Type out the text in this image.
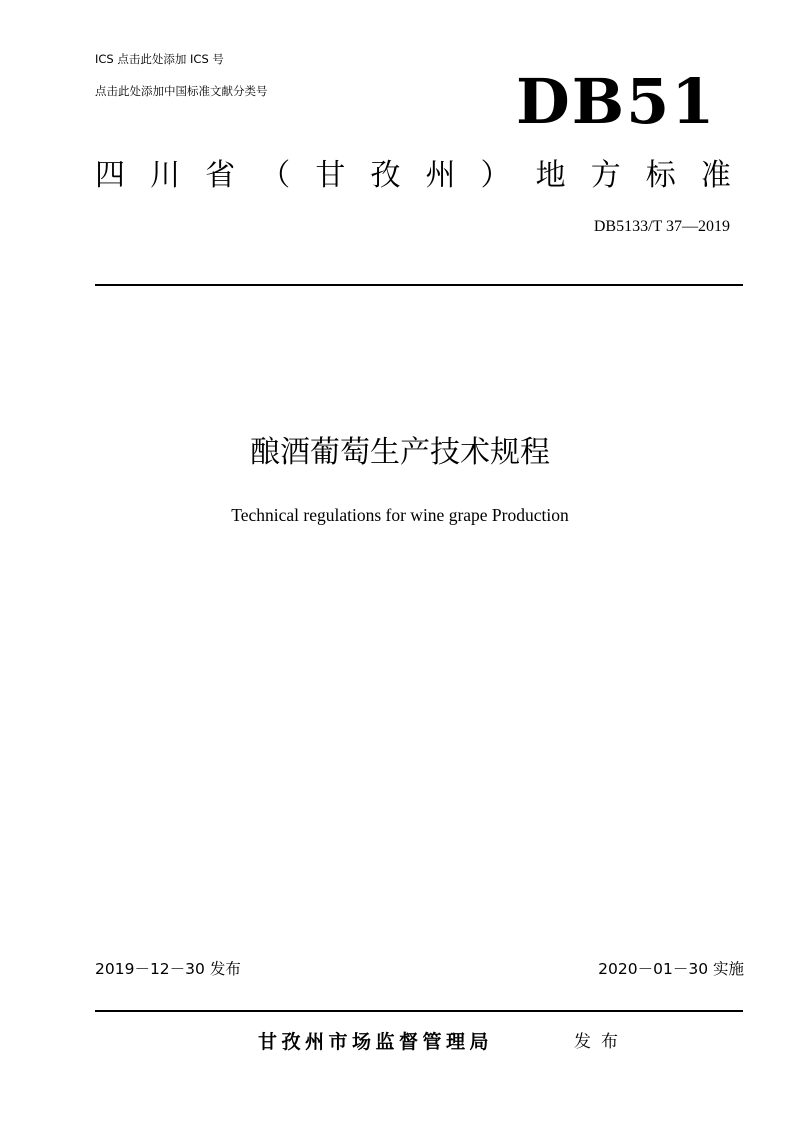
ICS 点击此处添加 ICS 号
点击此处添加中国标准文献分类号	DB51
四 川 省 （ 甘 孜 州 ） 地 方 标 准
DB5133/T 37—2019
酿酒葡萄生产技术规程
Technical regulations for wine grape Production
2019－12－30 发布	2020－01－30 实施
甘孜州市场监督管理局	发布
